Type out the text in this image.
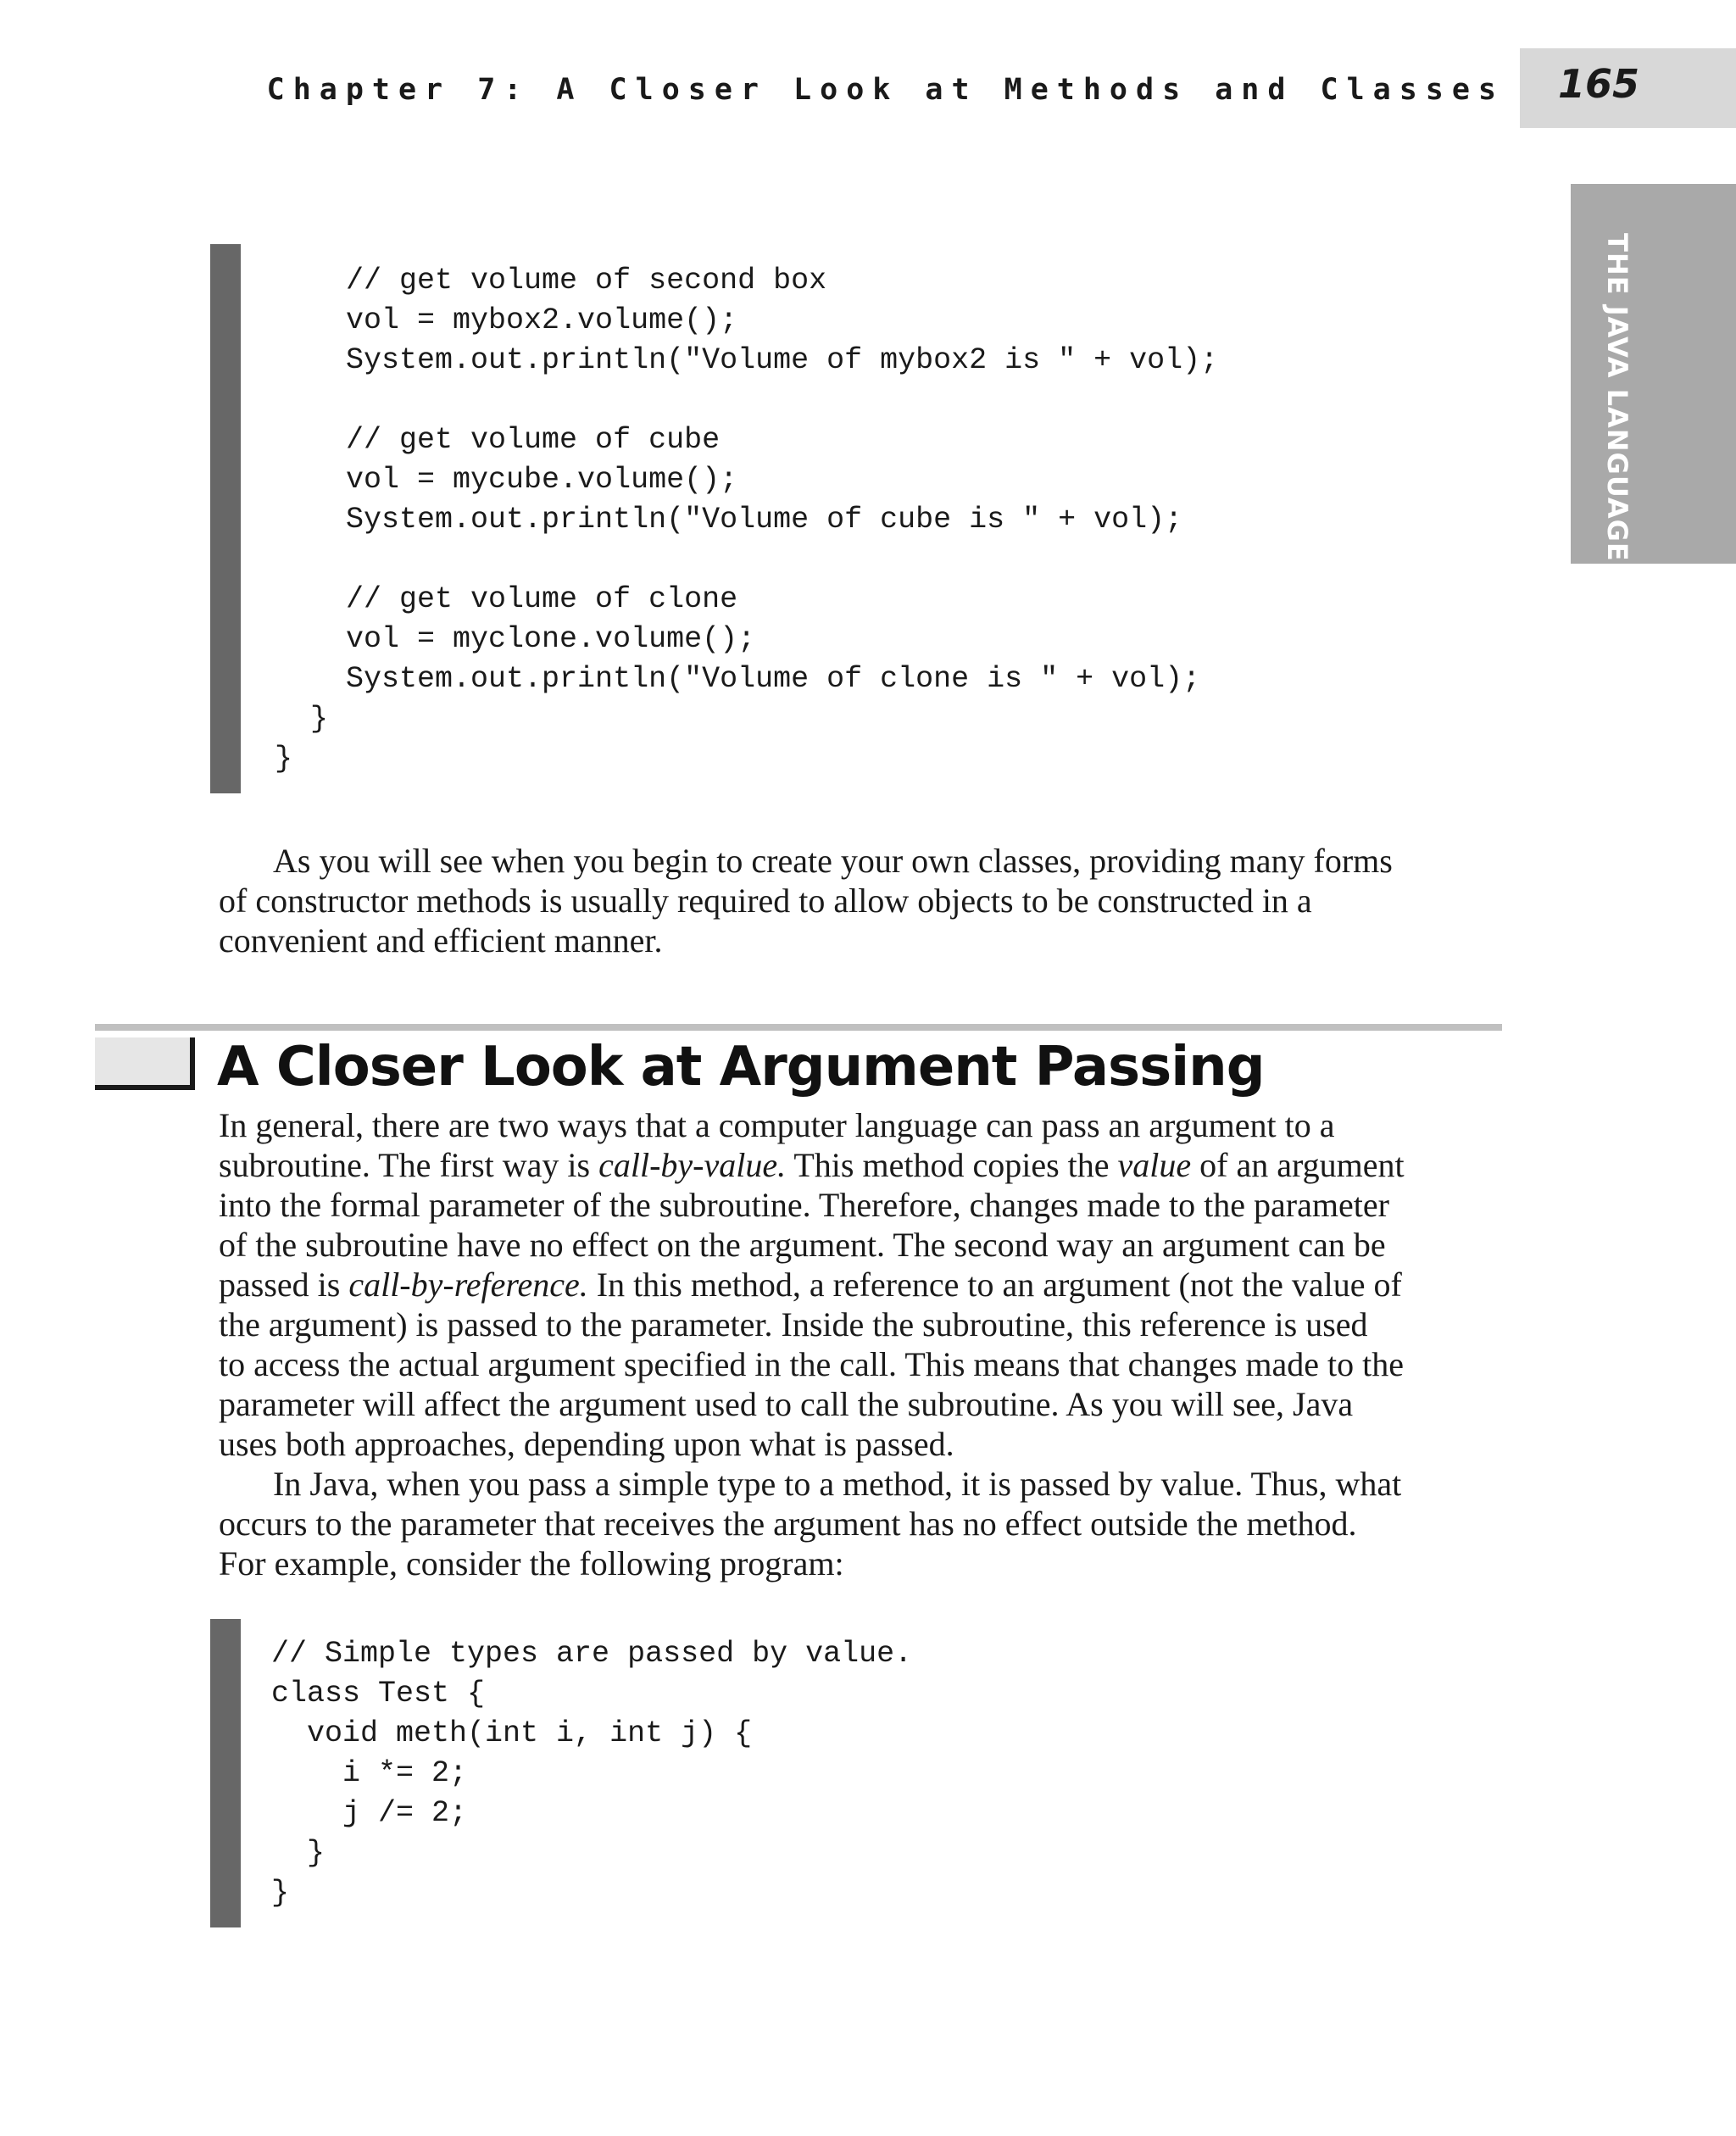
Chapter 7: A Closer Look at Methods and Classes 165
THE JAVA LANGUAGE
// get volume of second box
vol = mybox2.volume();
System.out.println("Volume of mybox2 is " + vol);
// get volume of cube
vol = mycube.volume();
System.out.println("Volume of cube is " + vol);
// get volume of clone
vol = myclone.volume();
System.out.println("Volume of clone is " + vol);
}
}
As you will see when you begin to create your own classes, providing many forms
of constructor methods is usually required to allow objects to be constructed in a
convenient and efficient manner.
A Closer Look at Argument Passing
In general, there are two ways that a computer language can pass an argument to a
subroutine. The first way is call-by-value. This method copies the value of an argument
into the formal parameter of the subroutine. Therefore, changes made to the parameter
of the subroutine have no effect on the argument. The second way an argument can be
passed is call-by-reference. In this method, a reference to an argument (not the value of
the argument) is passed to the parameter. Inside the subroutine, this reference is used
to access the actual argument specified in the call. This means that changes made to the
parameter will affect the argument used to call the subroutine. As you will see, Java
uses both approaches, depending upon what is passed.
In Java, when you pass a simple type to a method, it is passed by value. Thus, what
occurs to the parameter that receives the argument has no effect outside the method.
For example, consider the following program:
// Simple types are passed by value.
class Test {
void meth(int i, int j) {
i *= 2;
j /= 2;
}
}
